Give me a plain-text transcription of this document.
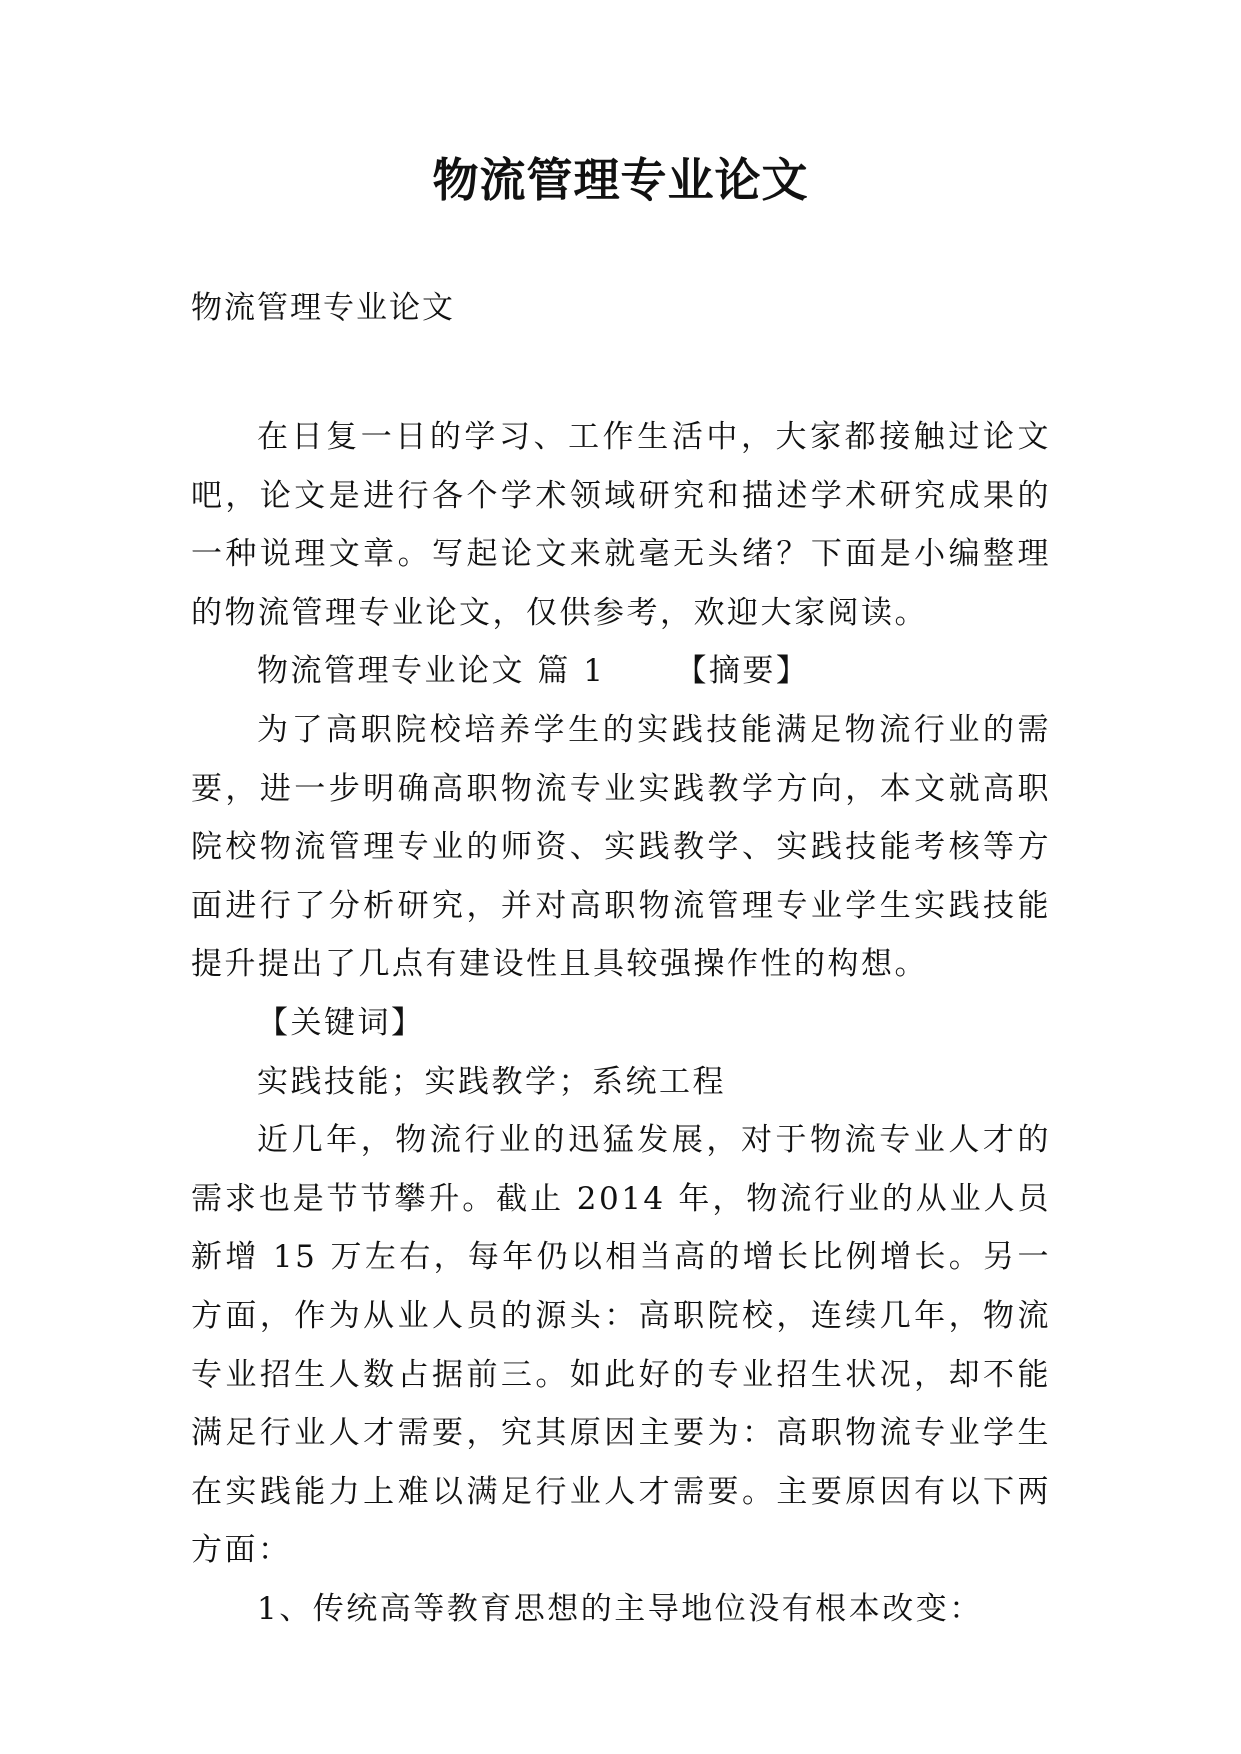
物流管理专业论文
物流管理专业论文

在日复一日的学习、工作生活中，大家都接触过论文吧，论文是进行各个学术领域研究和描述学术研究成果的一种说理文章。写起论文来就毫无头绪？下面是小编整理的物流管理专业论文，仅供参考，欢迎大家阅读。

物流管理专业论文 篇 1 【摘要】

为了高职院校培养学生的实践技能满足物流行业的需要，进一步明确高职物流专业实践教学方向，本文就高职院校物流管理专业的师资、实践教学、实践技能考核等方面进行了分析研究，并对高职物流管理专业学生实践技能提升提出了几点有建设性且具较强操作性的构想。

【关键词】

实践技能；实践教学；系统工程

近几年，物流行业的迅猛发展，对于物流专业人才的需求也是节节攀升。截止 2014 年，物流行业的从业人员新增 15 万左右，每年仍以相当高的增长比例增长。另一方面，作为从业人员的源头：高职院校，连续几年，物流专业招生人数占据前三。如此好的专业招生状况，却不能满足行业人才需要，究其原因主要为：高职物流专业学生在实践能力上难以满足行业人才需要。主要原因有以下两方面：

1、传统高等教育思想的主导地位没有根本改变：
